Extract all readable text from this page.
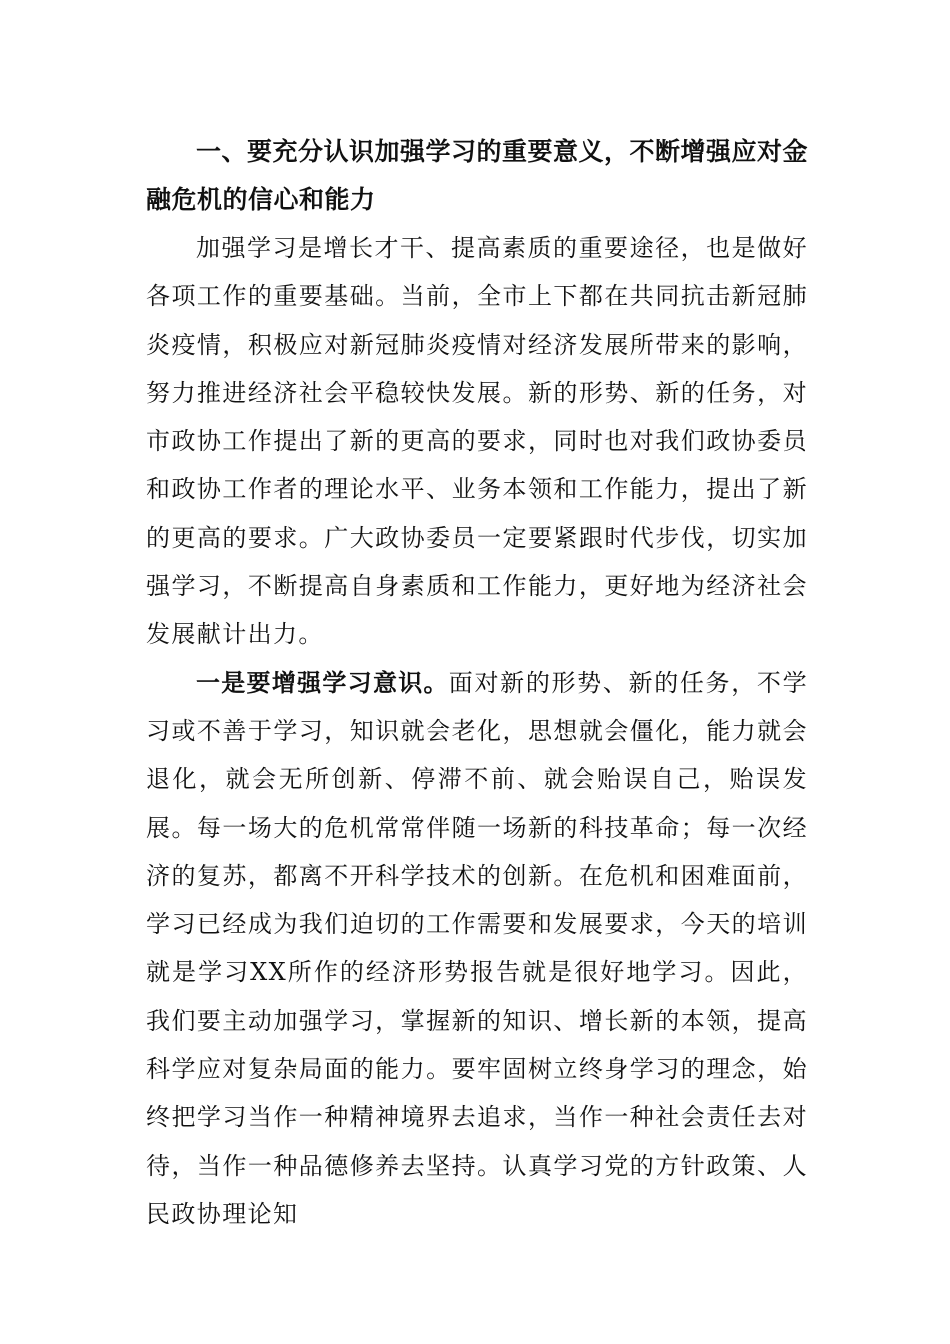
一、要充分认识加强学习的重要意义，不断增强应对金融危机的信心和能力

加强学习是增长才干、提高素质的重要途径，也是做好各项工作的重要基础。当前，全市上下都在共同抗击新冠肺炎疫情，积极应对新冠肺炎疫情对经济发展所带来的影响，努力推进经济社会平稳较快发展。新的形势、新的任务，对市政协工作提出了新的更高的要求，同时也对我们政协委员和政协工作者的理论水平、业务本领和工作能力，提出了新的更高的要求。广大政协委员一定要紧跟时代步伐，切实加强学习，不断提高自身素质和工作能力，更好地为经济社会发展献计出力。

一是要增强学习意识。面对新的形势、新的任务，不学习或不善于学习，知识就会老化，思想就会僵化，能力就会退化，就会无所创新、停滞不前、就会贻误自己，贻误发展。每一场大的危机常常伴随一场新的科技革命；每一次经济的复苏，都离不开科学技术的创新。在危机和困难面前，学习已经成为我们迫切的工作需要和发展要求，今天的培训就是学习XX所作的经济形势报告就是很好地学习。因此，我们要主动加强学习，掌握新的知识、增长新的本领，提高科学应对复杂局面的能力。要牢固树立终身学习的理念，始终把学习当作一种精神境界去追求，当作一种社会责任去对待，当作一种品德修养去坚持。认真学习党的方针政策、人民政协理论知
